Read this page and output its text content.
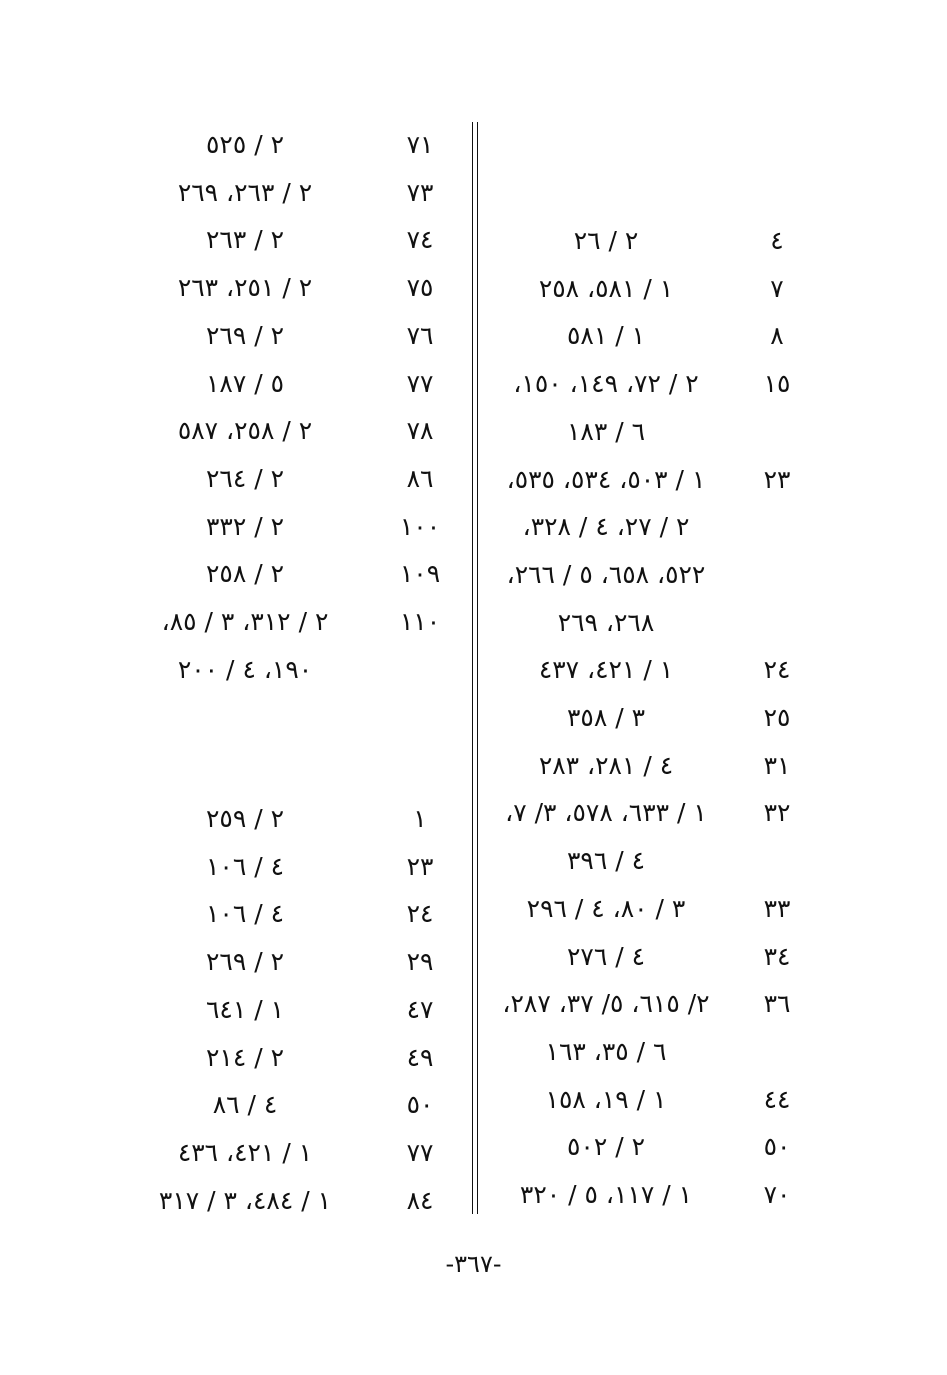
٤
٢ / ٢٦
٧
١ / ٥٨١، ٢٥٨
٨
١ / ٥٨١
١٥
٢ / ٧٢، ١٤٩، ١٥٠،
٦ / ١٨٣
٢٣
١ / ٥٠٣، ٥٣٤، ٥٣٥،
٢ / ٢٧، ٤ / ٣٢٨،
٥٢٢، ٦٥٨، ٥ / ٢٦٦،
٢٦٨، ٢٦٩
٢٤
١ / ٤٢١، ٤٣٧
٢٥
٣ / ٣٥٨
٣١
٤ / ٢٨١، ٢٨٣
٣٢
١ / ٦٣٣، ٥٧٨، ٣/ ٧،
٤ / ٣٩٦
٣٣
٣ / ٨٠، ٤ / ٢٩٦
٣٤
٤ / ٢٧٦
٣٦
٢/ ٦١٥، ٥/ ٣٧، ٢٨٧،
٦ / ٣٥، ١٦٣
٤٤
١ / ١٩، ١٥٨
٥٠
٢ / ٥٠٢
٧٠
١ / ١١٧، ٥ / ٣٢٠
٧١
٢ / ٥٢٥
٧٣
٢ / ٢٦٣، ٢٦٩
٧٤
٢ / ٢٦٣
٧٥
٢ / ٢٥١، ٢٦٣
٧٦
٢ / ٢٦٩
٧٧
٥ / ١٨٧
٧٨
٢ / ٢٥٨، ٥٨٧
٨٦
٢ / ٢٦٤
١٠٠
٢ / ٣٣٢
١٠٩
٢ / ٢٥٨
١١٠
٢ / ٣١٢، ٣ / ٨٥،
١٩٠، ٤ / ٢٠٠
١
٢ / ٢٥٩
٢٣
٤ / ١٠٦
٢٤
٤ / ١٠٦
٢٩
٢ / ٢٦٩
٤٧
١ / ٦٤١
٤٩
٢ / ٢١٤
٥٠
٤ / ٨٦
٧٧
١ / ٤٢١، ٤٣٦
٨٤
١ / ٤٨٤، ٣ / ٣١٧
-٣٦٧-
